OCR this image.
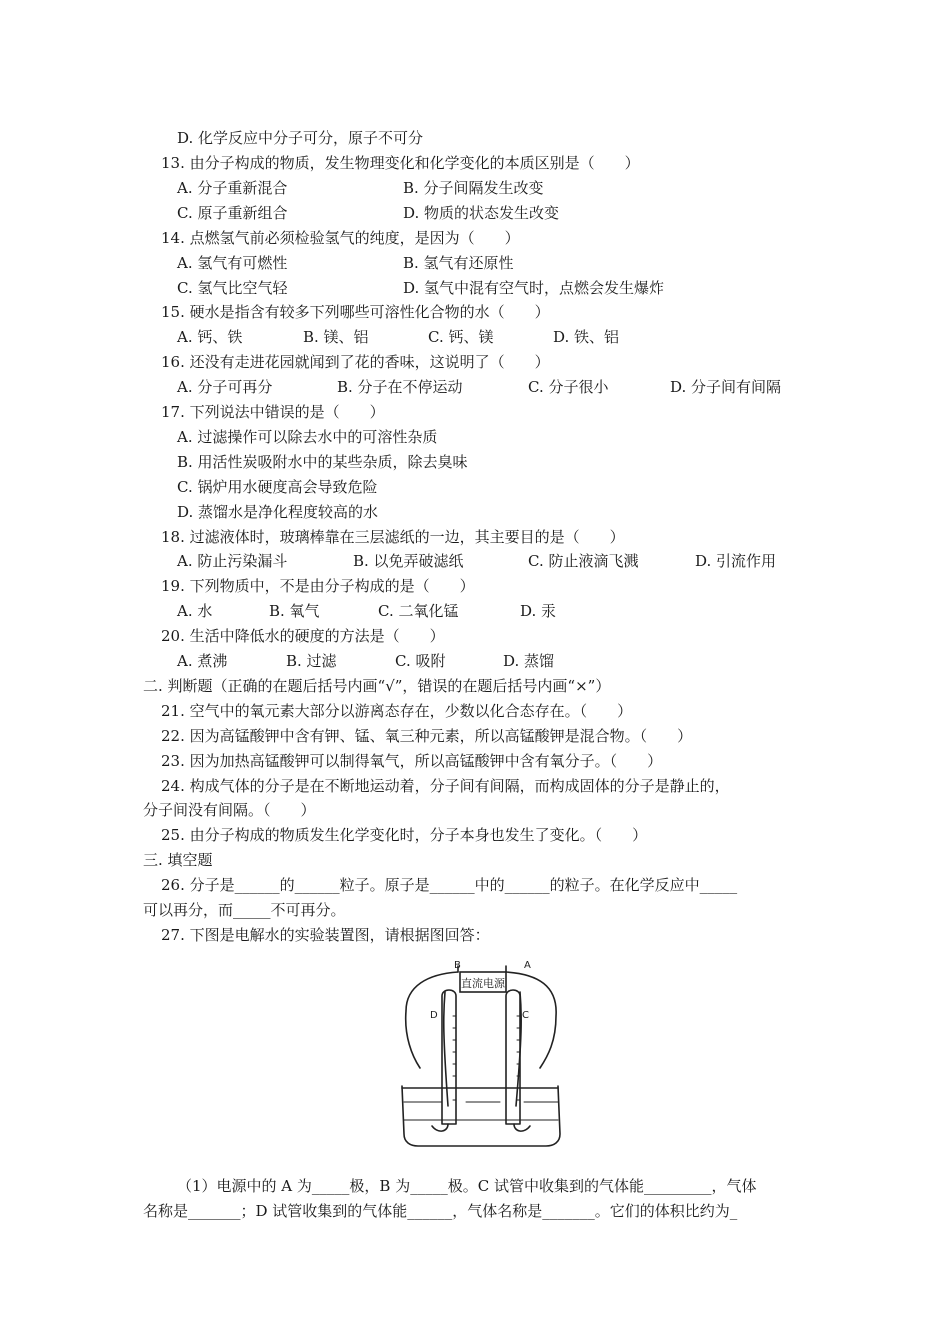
D. 化学反应中分子可分，原子不可分
13. 由分子构成的物质，发生物理变化和化学变化的本质区别是（　　）
A. 分子重新混合	B. 分子间隔发生改变
C. 原子重新组合	D. 物质的状态发生改变
14. 点燃氢气前必须检验氢气的纯度，是因为（　　）
A. 氢气有可燃性	B. 氢气有还原性
C. 氢气比空气轻	D. 氢气中混有空气时，点燃会发生爆炸
15. 硬水是指含有较多下列哪些可溶性化合物的水（　　）
A. 钙、铁	B. 镁、铝	C. 钙、镁	D. 铁、铝
16. 还没有走进花园就闻到了花的香味，这说明了（　　）
A. 分子可再分	B. 分子在不停运动	C. 分子很小	D. 分子间有间隔
17. 下列说法中错误的是（　　）
A. 过滤操作可以除去水中的可溶性杂质
B. 用活性炭吸附水中的某些杂质，除去臭味
C. 锅炉用水硬度高会导致危险
D. 蒸馏水是净化程度较高的水
18. 过滤液体时，玻璃棒靠在三层滤纸的一边，其主要目的是（　　）
A. 防止污染漏斗	B. 以免弄破滤纸	C. 防止液滴飞溅	D. 引流作用
19. 下列物质中，不是由分子构成的是（　　）
A. 水	B. 氧气	C. 二氧化锰	D. 汞
20. 生活中降低水的硬度的方法是（　　）
A. 煮沸	B. 过滤	C. 吸附	D. 蒸馏
二. 判断题（正确的在题后括号内画“√”，错误的在题后括号内画“×”）
21. 空气中的氧元素大部分以游离态存在，少数以化合态存在。（　　）
22. 因为高锰酸钾中含有钾、锰、氧三种元素，所以高锰酸钾是混合物。（　　）
23. 因为加热高锰酸钾可以制得氧气，所以高锰酸钾中含有氧分子。（　　）
24. 构成气体的分子是在不断地运动着，分子间有间隔，而构成固体的分子是静止的，
分子间没有间隔。（　　）
25. 由分子构成的物质发生化学变化时，分子本身也发生了变化。（　　）
三. 填空题
26. 分子是______的______粒子。原子是______中的______的粒子。在化学反应中_____
可以再分，而_____不可再分。
27. 下图是电解水的实验装置图，请根据图回答：
直流电源
B	A
D	C
（1）电源中的 A 为_____极，B 为_____极。C 试管中收集到的气体能_________，气体
名称是_______；D 试管收集到的气体能______，气体名称是_______。它们的体积比约为_
